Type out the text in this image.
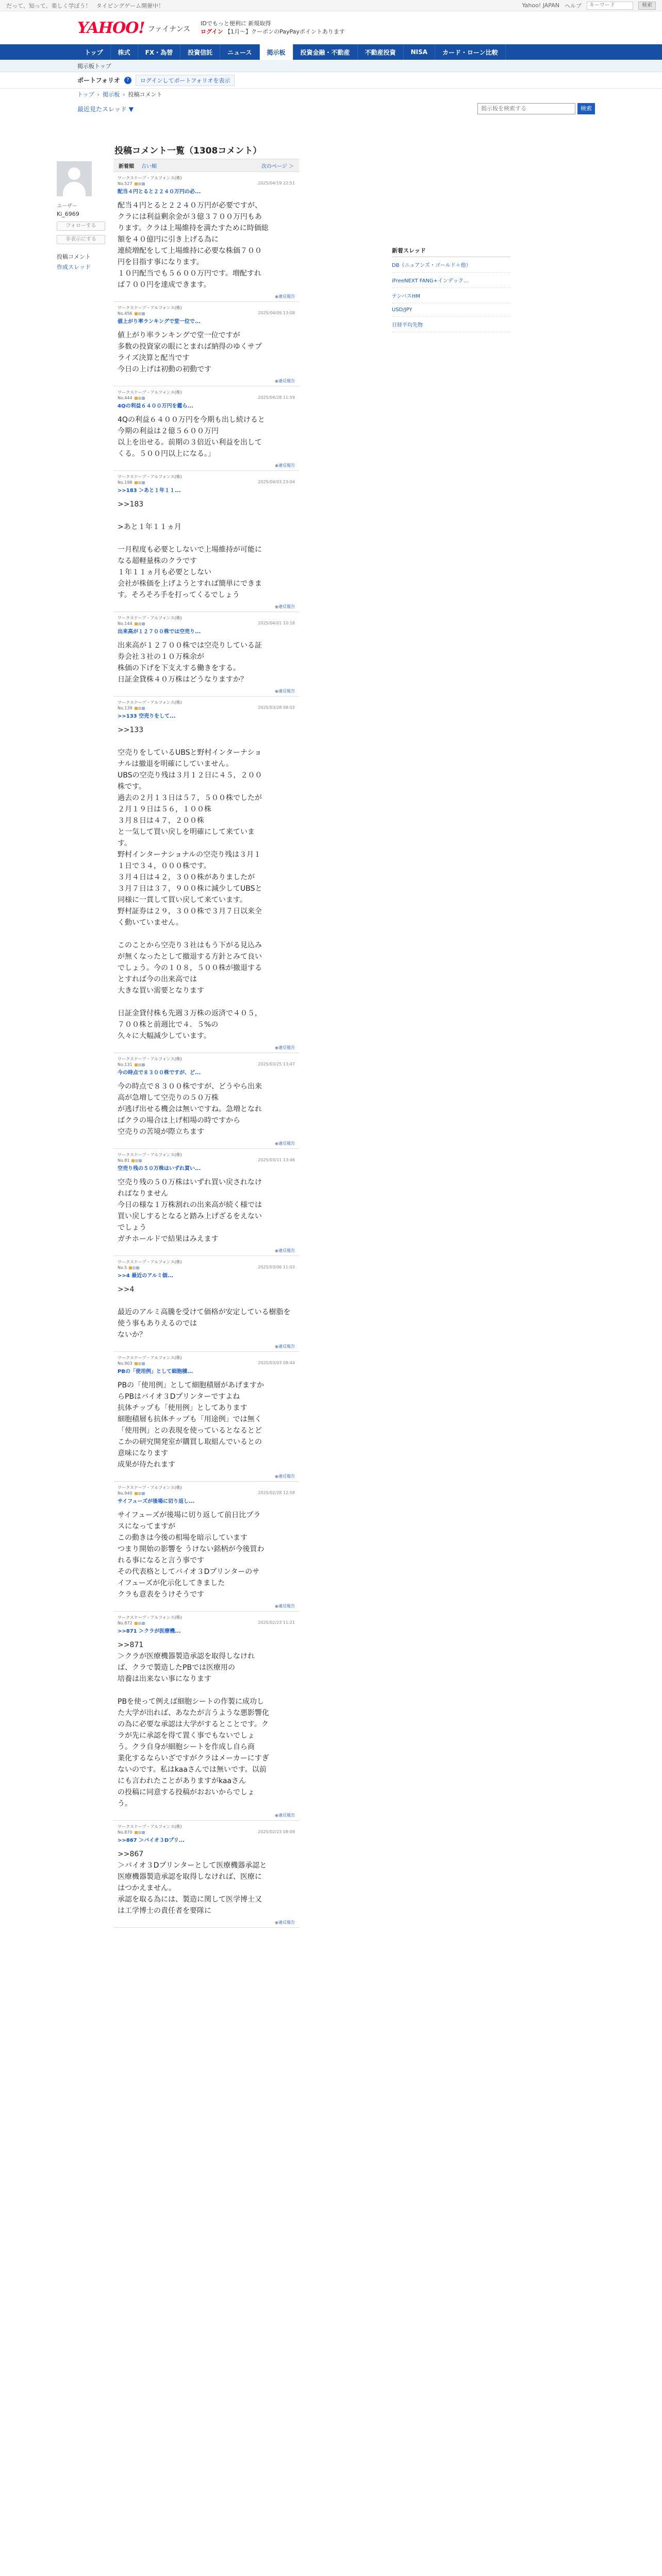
だって、知って、楽しく学ぼう！ タイピングゲーム開催中！	Yahoo! JAPAN ヘルプ
キーワード	検索
YAHOO! ファイナンス
IDでもっと便利に 新規取得
ログイン 【1月〜】クーポンのPayPayポイントあります
トップ	株式	FX・為替	投資信託	ニュース	掲示板	投資金融・不動産	不動産投資	NISA	カード・ローン比較
掲示板トップ
ポートフォリオ	?	ログインしてポートフォリオを表示
トップ › 掲示板 › 投稿コメント
最近見たスレッド ▼
掲示板を検索する	検索
ユーザー
Ki_6969
フォローする
非表示にする
投稿コメント
作成スレッド
投稿コメント一覧（1308コメント）
新着順 古い順	次のページ ＞
ワークスケープ・アルフォンス(株)
No.527	2025/04/19 22:51
配当４円とると２２４０万円の必...
配当４円とると２２４０万円が必要ですが、
クラには利益剰余金が３億３７００万円もあ
ります。クラは上場維持を満たすために時価総
額を４０億円に引き上げる為に
連続増配をして上場維持に必要な株価７００
円を目指す事になります。
１０円配当でも５６００万円です。増配すれ
ば７００円を達成できます。
◉ 違反報告
ワークスケープ・アルフォンス(株)
No.456	2025/04/09 13:08
値上がり率ランキングで堂一位で...
値上がり率ランキングで堂一位ですが
多数の投資家の眼にとまれば納得のゆくサプ
ライズ決算と配当です
今日の上げは初動の初動です
◉ 違反報告
ワークスケープ・アルフォンス(株)
No.444	2025/04/28 11:59
4Qの利益６４００万円を鑑ら...
4Qの利益６４００万円を今期も出し続けると
今期の利益は２億５６００万円
以上を出せる。前期の３倍近い利益を出して
くる。５００円以上になる。」
◉ 違反報告
ワークスケープ・アルフォンス(株)
No.198	2025/04/03 23:04
>>183 ＞あと１年１１...
>>183

>あと１年１１ヵ月

一月程度も必要としないで上場維持が可能に
なる超軽量株のクラです
１年１１ヵ月も必要としない
会社が株価を上げようとすれば簡単にできま
す。そろそろ手を打ってくるでしょう
◉ 違反報告
ワークスケープ・アルフォンス(株)
No.144	2025/04/01 10:18
出来高が１２７００株では空売り...
出来高が１２７００株では空売りしている証
券会社３社の１０万株余が
株価の下げを下支えする働きをする。
日証金貸株４０万株はどうなりますか？
◉ 違反報告
ワークスケープ・アルフォンス(株)
No.139	2025/03/28 08:02
>>133 空売りをして...
>>133

空売りをしているUBSと野村インターナショ
ナルは撤退を明確にしていません。
UBSの空売り残は３月１２日に４５，２００
株です。
過去の２月１３日は５７，５００株でしたが
２月１９日は５６，１００株
３月８日は４７，２００株
と一気して買い戻しを明確にして来ていま
す。
野村インターナショナルの空売り残は３月１
１日で３４，０００株です。
３月４日は４２，３００株がありましたが
３月７日は３７，９００株に減少してUBSと
同様に一貫して買い戻して来ています。
野村証券は２９，３００株で３月７日以来全
く動いていません。

このことから空売り３社はもう下がる見込み
が無くなったとして撤退する方針とみて良い
でしょう。今の１０８，５００株が撤退する
とすれば今の出来高では
大きな買い需要となります

日証金貸付株も先週３万株の返済で４０５，
７００株と前週比で４．５%の
久々に大幅減少しています。
◉ 違反報告
ワークスケープ・アルフォンス(株)
No.131	2025/03/25 13:47
今の時点で８３００株ですが、ど...
今の時点で８３００株ですが、どうやら出来
高が急増して空売りの５０万株
が逃げ出せる機会は無いですね。急増となれ
ばクラの場合は上げ相場の時ですから
空売りの苦境が際立ちます
◉ 違反報告
ワークスケープ・アルフォンス(株)
No.81	2025/03/11 13:46
空売り残の５０万株はいずれ買い...
空売り残の５０万株はいずれ買い戻されなけ
ればなりません
今日の様な１万株割れの出来高が続く様では
買い戻しするとなると踏み上げざるをえない
でしょう
ガチホールドで結果はみえます
◉ 違反報告
ワークスケープ・アルフォンス(株)
No.5	2025/03/06 11:03
>>4 最近のアルミ価...
>>4

最近のアルミ高騰を受けて価格が安定している樹脂を使う事もありえるのでは
ないか？
◉ 違反報告
ワークスケープ・アルフォンス(株)
No.903	2025/03/03 08:44
PBの「使用例」として細胞積...
PBの「使用例」として細胞積層があげますか
らPBはバイオ３Dプリンターですよね
抗体チップも「使用例」としてあります
細胞積層も抗体チップも「用途例」では無く
「使用例」との表現を使っているとなるとど
こかの研究開発室が購買し取組んでいるとの
意味になります
成果が待たれます
◉ 違反報告
ワークスケープ・アルフォンス(株)
No.940	2025/02/28 12:58
サイフューズが後場に切り返し...
サイフューズが後場に切り返して前日比プラ
スになってますが
この動きは今後の相場を暗示しています
つまり開始の影響を うけない銘柄が今後買わ
れる事になると言う事です
その代表格としてバイオ３Dプリンターのサ
イフューズが化示化してきました
クラも意表をうけそうです
◉ 違反報告
ワークスケープ・アルフォンス(株)
No.872	2025/02/23 11:21
>>871 ＞クラが医療機...
>>871
＞クラが医療機器製造承認を取得しなけれ
ば、クラで製造したPBでは医療用の
培養は出来ない事になります

PBを使って例えば細胞シートの作製に成功し
た大学が出れば、あなたが言うような悪影響化
の為に必要な承認は大学がするとことです。ク
ラが先に承認を得て置く事でもないでしょ
う。クラ自身が細胞シートを作成し自ら商
業化するならいざですがクラはメーカーにすぎ
ないのです。私はkaaさんでは無いです。以前
にも言われたことがありますがkaaさん
の投稿に同意する投稿がおおいからでしょ
う。
◉ 違反報告
ワークスケープ・アルフォンス(株)
No.870	2025/02/23 08:09
>>867 ＞バイオ３Dプリ...
>>867
＞バイオ３Dプリンターとして医療機器承認と
医療機器製造承認を取得しなければ、医療に
はつかえません。
承認を取る為には、製造に関して医学博士又
は工学博士の責任者を要隊に
◉ 違反報告
新着スレッド
DB（ニュアンズ・ゴールド＋他）
iFreeNEXT FANG+インデック...
テンバスHM
USD/JPY
日経平均先物
